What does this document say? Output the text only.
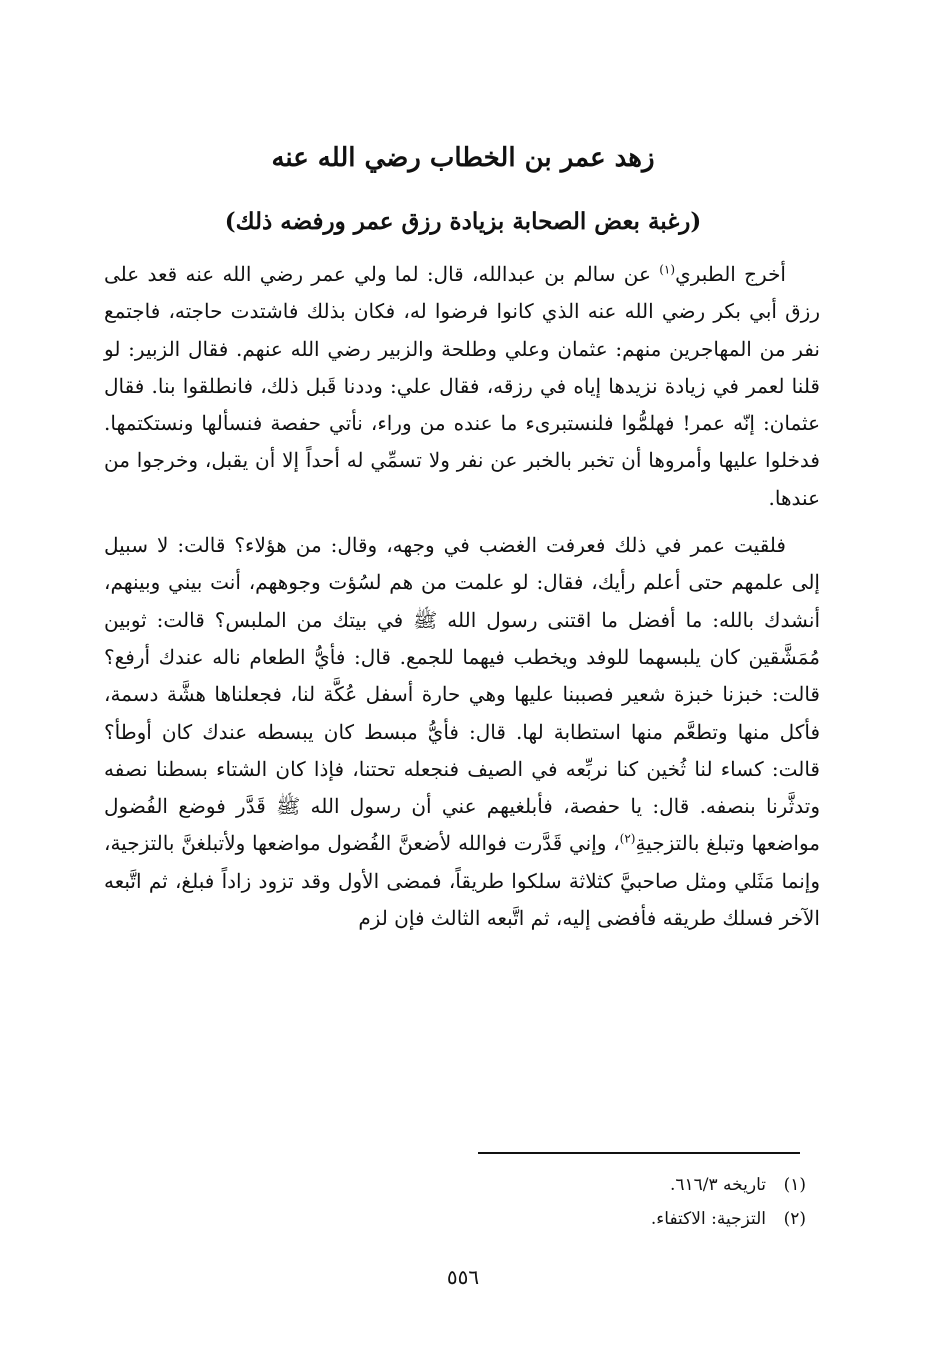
زهد عمر بن الخطاب رضي الله عنه
(رغبة بعض الصحابة بزيادة رزق عمر ورفضه ذلك)

أخرج الطبري$^{(١)}$ عن سالم بن عبدالله، قال: لما ولي عمر رضي الله عنه قعد على رزق أبي بكر رضي الله عنه الذي كانوا فرضوا له، فكان بذلك فاشتدت حاجته، فاجتمع نفر من المهاجرين منهم: عثمان وعلي وطلحة والزبير رضي الله عنهم. فقال الزبير: لو قلنا لعمر في زيادة نزيدها إياه في رزقه، فقال علي: وددنا قَبل ذلك، فانطلقوا بنا. فقال عثمان: إنّه عمر! فهلمُّوا فلنستبرىء ما عنده من وراء، نأتي حفصة فنسألها ونستكتمها. فدخلوا عليها وأمروها أن تخبر بالخبر عن نفر ولا تسمِّي له أحداً إلا أن يقبل، وخرجوا من عندها.

فلقيت عمر في ذلك فعرفت الغضب في وجهه، وقال: من هؤلاء؟ قالت: لا سبيل إلى علمهم حتى أعلم رأيك، فقال: لو علمت من هم لسُؤت وجوههم، أنت بيني وبينهم، أنشدك بالله: ما أفضل ما اقتنى رسول الله ﷺ في بيتك من الملبس؟ قالت: ثوبين مُمَشَّقين كان يلبسهما للوفد ويخطب فيهما للجمع. قال: فأيُّ الطعام ناله عندك أرفع؟ قالت: خبزنا خبزة شعير فصببنا عليها وهي حارة أسفل عُكَّة لنا، فجعلناها هشَّة دسمة، فأكل منها وتطعَّم منها استطابة لها. قال: فأيُّ مبسط كان يبسطه عندك كان أوطأ؟ قالت: كساء لنا ثُخين كنا نربِّعه في الصيف فنجعله تحتنا، فإذا كان الشتاء بسطنا نصفه وتدثَّرنا بنصفه. قال: يا حفصة، فأبلغيهم عني أن رسول الله ﷺ قَدَّر فوضع الفُضول مواضعها وتبلغ بالتزجيةِ$^{(٢)}$، وإني قَدَّرت فوالله لأضعنَّ الفُضول مواضعها ولأتبلغنَّ بالتزجية، وإنما مَثَلي ومثل صاحبيَّ كثلاثة سلكوا طريقاً، فمضى الأول وقد تزود زاداً فبلغ، ثم اتَّبعه الآخر فسلك طريقه فأفضى إليه، ثم اتَّبعه الثالث فإن لزم

(١)تاريخه ٦١٦/٣.
(٢)التزجية: الاكتفاء.
٥٥٦
